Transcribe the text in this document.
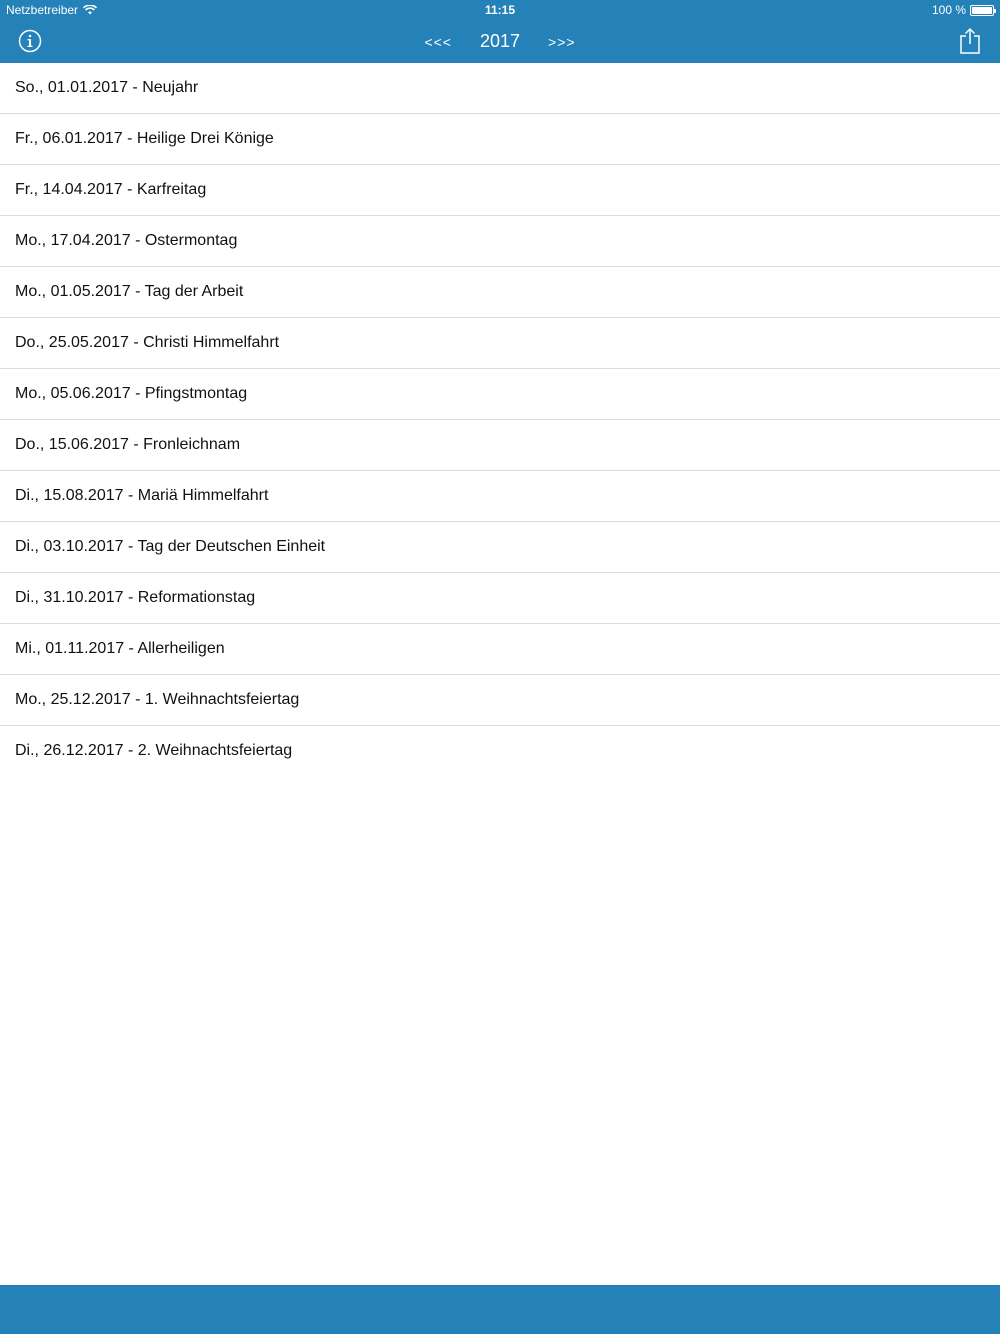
Netzbetreiber	11:15	100 %
<<<	2017	>>>
So., 01.01.2017 - Neujahr
Fr., 06.01.2017 - Heilige Drei Könige
Fr., 14.04.2017 - Karfreitag
Mo., 17.04.2017 - Ostermontag
Mo., 01.05.2017 - Tag der Arbeit
Do., 25.05.2017 - Christi Himmelfahrt
Mo., 05.06.2017 - Pfingstmontag
Do., 15.06.2017 - Fronleichnam
Di., 15.08.2017 - Mariä Himmelfahrt
Di., 03.10.2017 - Tag der Deutschen Einheit
Di., 31.10.2017 - Reformationstag
Mi., 01.11.2017 - Allerheiligen
Mo., 25.12.2017 - 1. Weihnachtsfeiertag
Di., 26.12.2017 - 2. Weihnachtsfeiertag
